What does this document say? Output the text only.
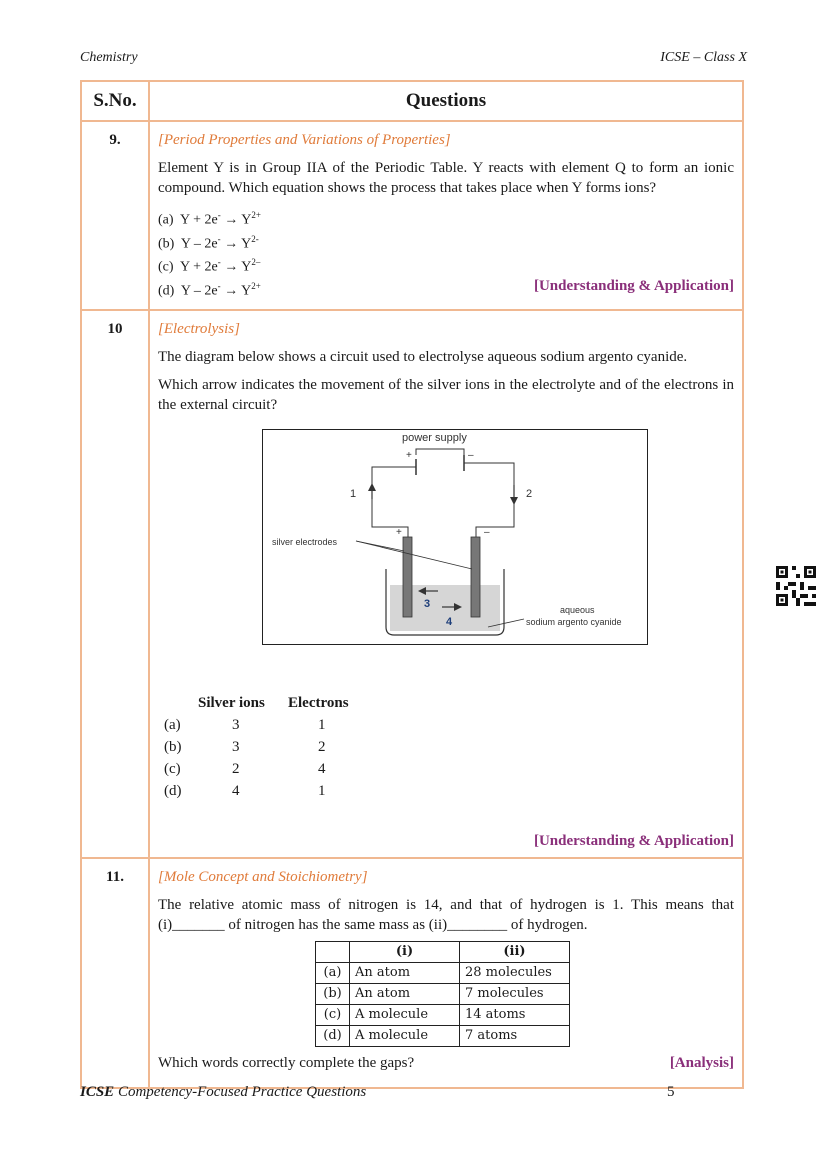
Chemistry	ICSE – Class X
S.No.	Questions
9.	[Period Properties and Variations of Properties]
Element Y is in Group IIA of the Periodic Table. Y reacts with element Q to form an ionic compound. Which equation shows the process that takes place when Y forms ions?
(a) $Y + 2e^- \to Y^{2+}$
(b) $Y - 2e^- \to Y^{2-}$
(c) $Y + 2e^- \to Y^{2-}$
[Understanding & Application]
(d) $Y - 2e^- \to Y^{2+}$

10	[Electrolysis]
The diagram below shows a circuit used to electrolyse aqueous sodium argento cyanide.
Which arrow indicates the movement of the silver ions in the electrolyte and of the electrons in the external circuit?
power supply
+	–
1	2
+	–
silver electrodes
3
4
aqueous
sodium argento cyanide
	Silver ions	Electrons
(a)	3	1
(b)	3	2
(c)	2	4
(d)	4	1
[Understanding & Application]

11.	[Mole Concept and Stoichiometry]
The relative atomic mass of nitrogen is 14, and that of hydrogen is 1. This means that (i)_______ of nitrogen has the same mass as (ii)________ of hydrogen.
	(i)	(ii)
(a)	An atom	28 molecules
(b)	An atom	7 molecules
(c)	A molecule	14 atoms
(d)	A molecule	7 atoms
[Analysis]
Which words correctly complete the gaps?
ICSE Competency-Focused Practice Questions	5
